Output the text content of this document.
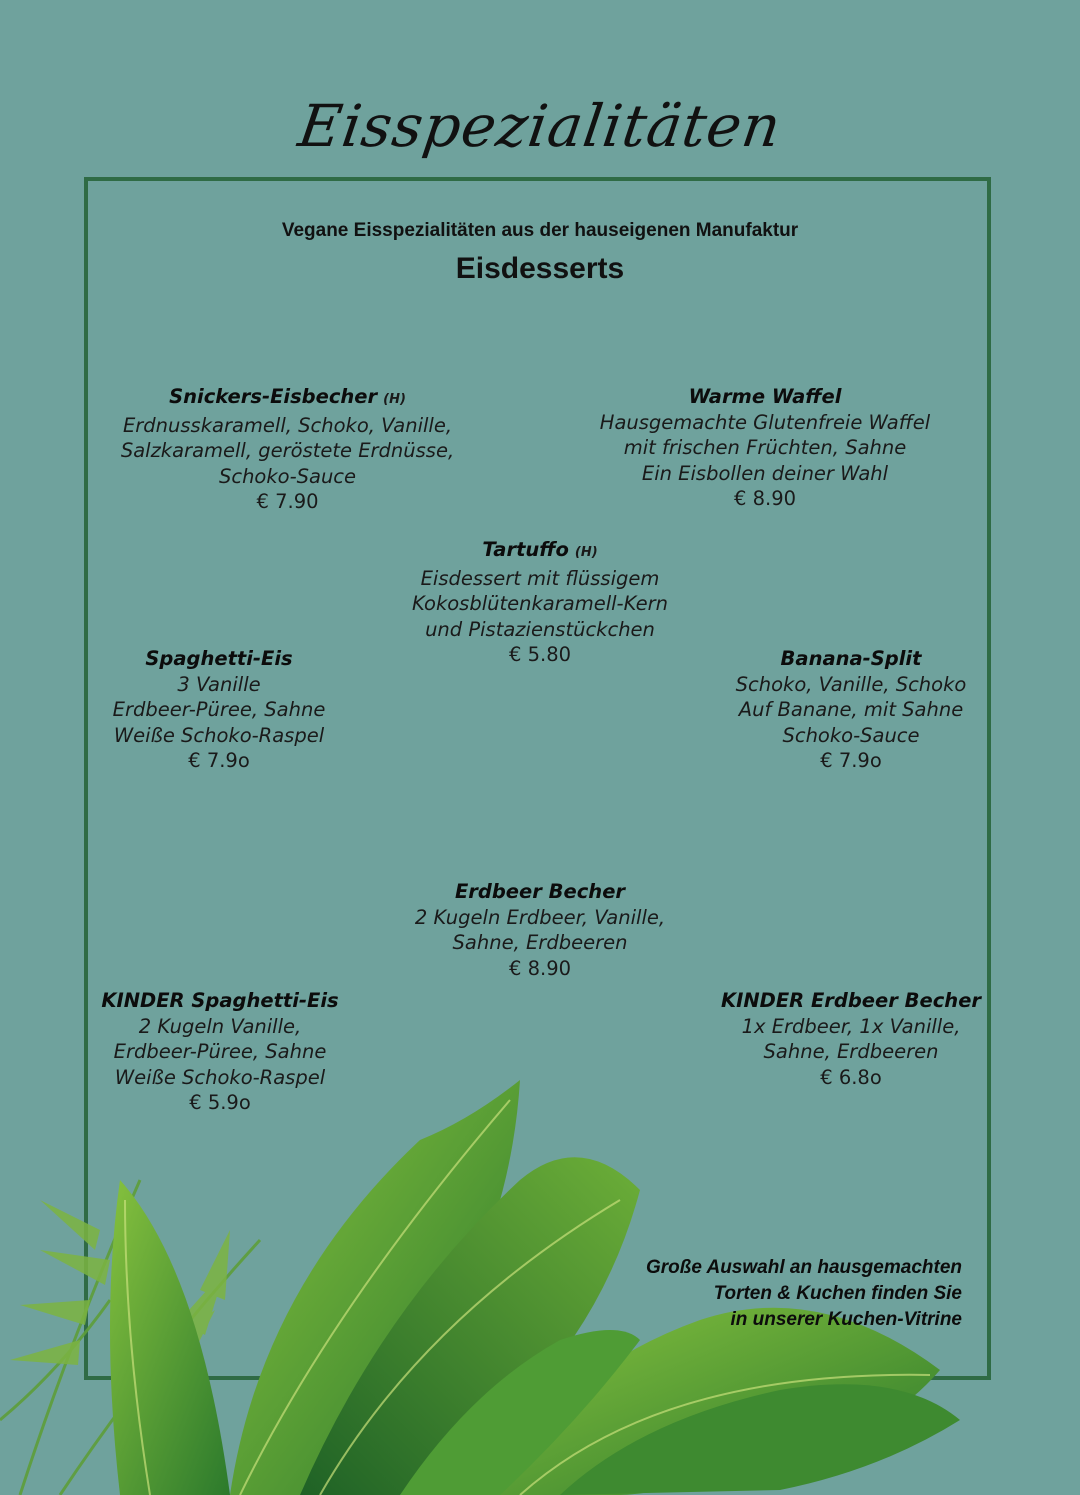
Eisspezialitäten
Vegane Eisspezialitäten aus der hauseigenen Manufaktur
Eisdesserts
Snickers-Eisbecher (H)
Erdnusskaramell, Schoko, Vanille,
Salzkaramell, geröstete Erdnüsse,
Schoko-Sauce
€ 7.90
Warme Waffel
Hausgemachte Glutenfreie Waffel
mit frischen Früchten, Sahne
Ein Eisbollen deiner Wahl
€ 8.90
Tartuffo (H)
Eisdessert mit flüssigem
Kokosblütenkaramell-Kern
und Pistazienstückchen
€ 5.80
Spaghetti-Eis
3 Vanille
Erdbeer-Püree, Sahne
Weiße Schoko-Raspel
€ 7.9o
Banana-Split
Schoko, Vanille, Schoko
Auf Banane, mit Sahne
Schoko-Sauce
€ 7.9o
Erdbeer Becher
2 Kugeln Erdbeer, Vanille,
Sahne, Erdbeeren
€ 8.90
KINDER Spaghetti-Eis
2 Kugeln Vanille,
Erdbeer-Püree, Sahne
Weiße Schoko-Raspel
€ 5.9o
KINDER Erdbeer Becher
1x Erdbeer, 1x Vanille,
Sahne, Erdbeeren
€ 6.8o
Große Auswahl an hausgemachten
Torten & Kuchen finden Sie
in unserer Kuchen-Vitrine
